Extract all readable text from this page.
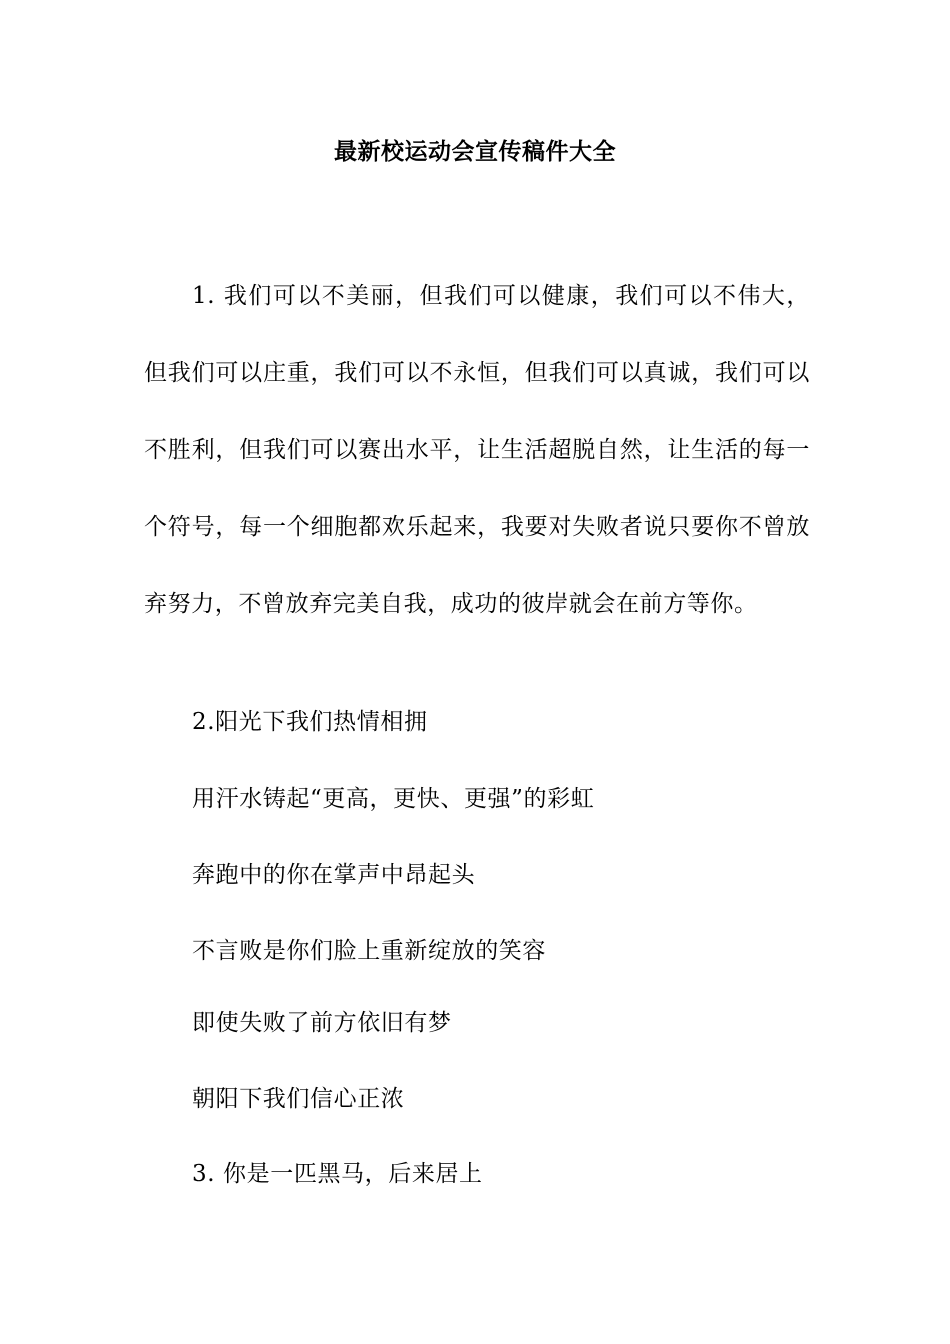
最新校运动会宣传稿件大全

1. 我们可以不美丽，但我们可以健康，我们可以不伟大，但我们可以庄重，我们可以不永恒，但我们可以真诚，我们可以不胜利，但我们可以赛出水平，让生活超脱自然，让生活的每一个符号，每一个细胞都欢乐起来，我要对失败者说只要你不曾放弃努力，不曾放弃完美自我，成功的彼岸就会在前方等你。

2.阳光下我们热情相拥

用汗水铸起“更高，更快、更强”的彩虹

奔跑中的你在掌声中昂起头

不言败是你们脸上重新绽放的笑容

即使失败了前方依旧有梦

朝阳下我们信心正浓

3. 你是一匹黑马，后来居上
